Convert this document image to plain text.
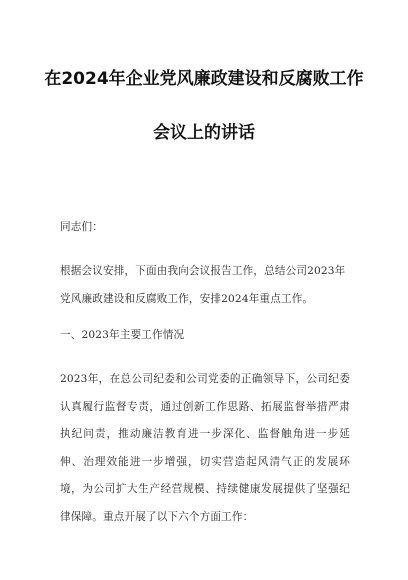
在2024年企业党风廉政建设和反腐败工作
会议上的讲话
同志们：
根据会议安排，下面由我向会议报告工作，总结公司2023年党风廉政建设和反腐败工作，安排2024年重点工作。
一、2023年主要工作情况
2023年，在总公司纪委和公司党委的正确领导下，公司纪委认真履行监督专责，通过创新工作思路、拓展监督举措严肃执纪问责，推动廉洁教育进一步深化、监督触角进一步延伸、治理效能进一步增强，切实营造起风清气正的发展环境，为公司扩大生产经营规模、持续健康发展提供了坚强纪律保障。重点开展了以下六个方面工作：
